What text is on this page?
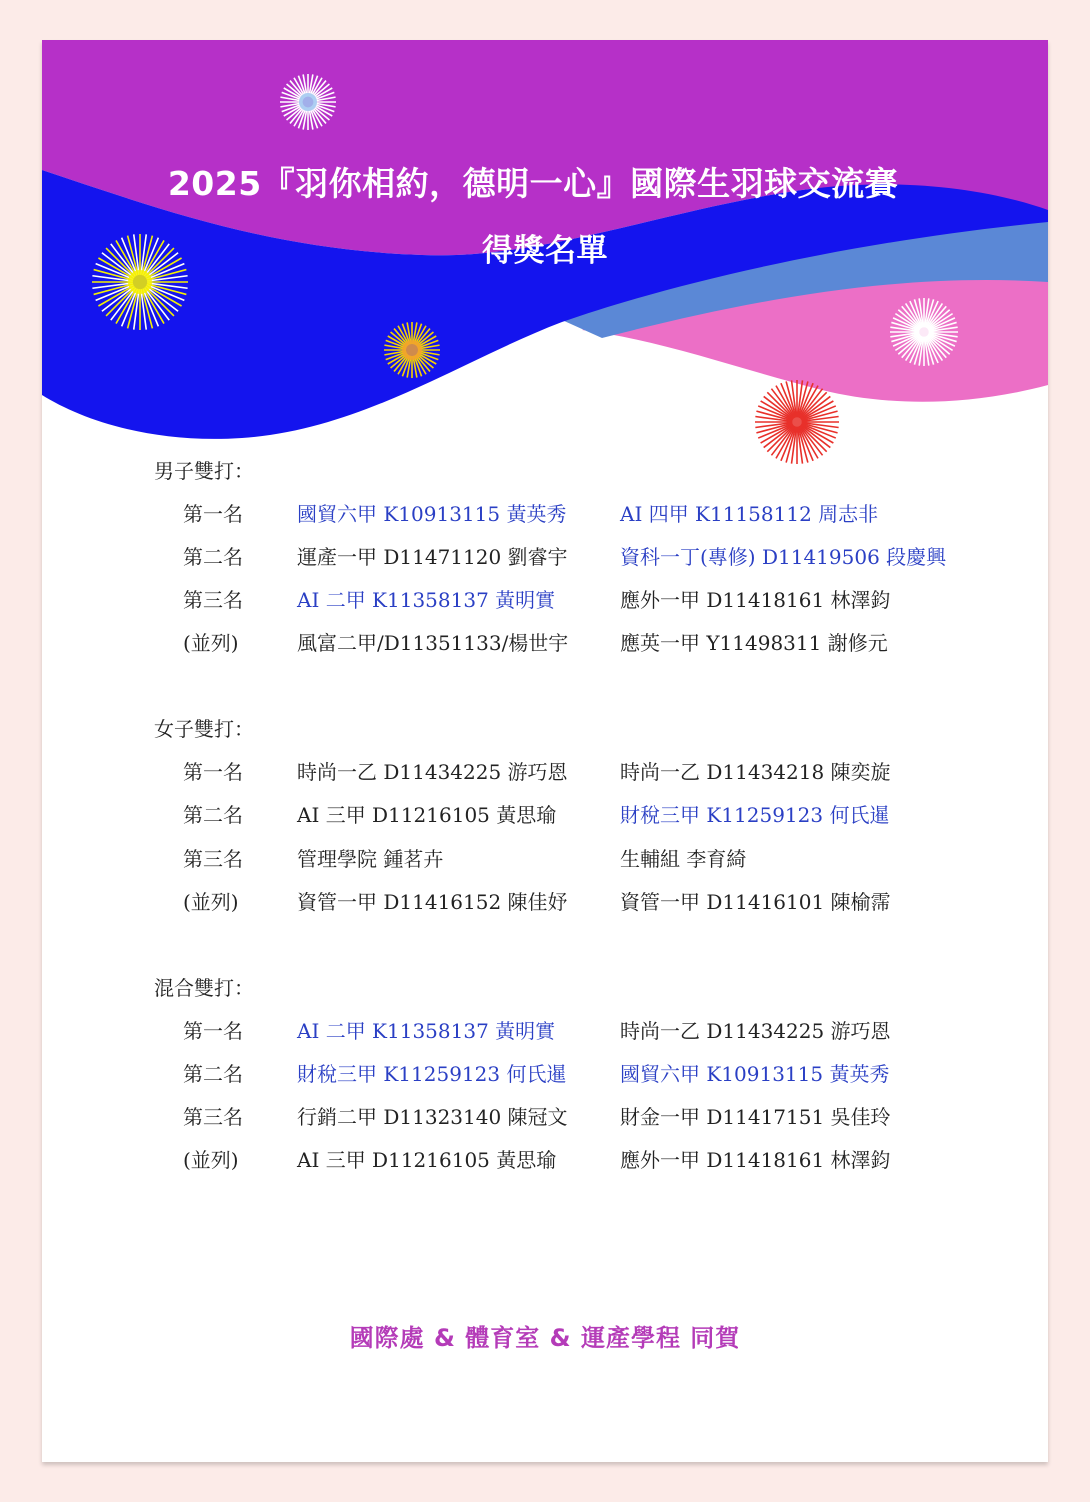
2025『羽你相約，德明一心』國際生羽球交流賽
得獎名單
男子雙打：
第一名	國貿六甲 K10913115 黃英秀	AI 四甲 K11158112 周志非
第二名	運產一甲 D11471120 劉睿宇	資科一丁(專修) D11419506 段慶興
第三名	AI 二甲 K11358137 黃明實	應外一甲 D11418161 林澤鈞
(並列)	風富二甲/D11351133/楊世宇	應英一甲 Y11498311 謝修元
女子雙打：
第一名	時尚一乙 D11434225 游巧恩	時尚一乙 D11434218 陳奕旋
第二名	AI 三甲 D11216105 黃思瑜	財稅三甲 K11259123 何氏暹
第三名	管理學院 鍾茗卉	生輔組 李育綺
(並列)	資管一甲 D11416152 陳佳妤	資管一甲 D11416101 陳榆霈
混合雙打：
第一名	AI 二甲 K11358137 黃明實	時尚一乙 D11434225 游巧恩
第二名	財稅三甲 K11259123 何氏暹	國貿六甲 K10913115 黃英秀
第三名	行銷二甲 D11323140 陳冠文	財金一甲 D11417151 吳佳玲
(並列)	AI 三甲 D11216105 黃思瑜	應外一甲 D11418161 林澤鈞
國際處 & 體育室 & 運產學程 同賀
